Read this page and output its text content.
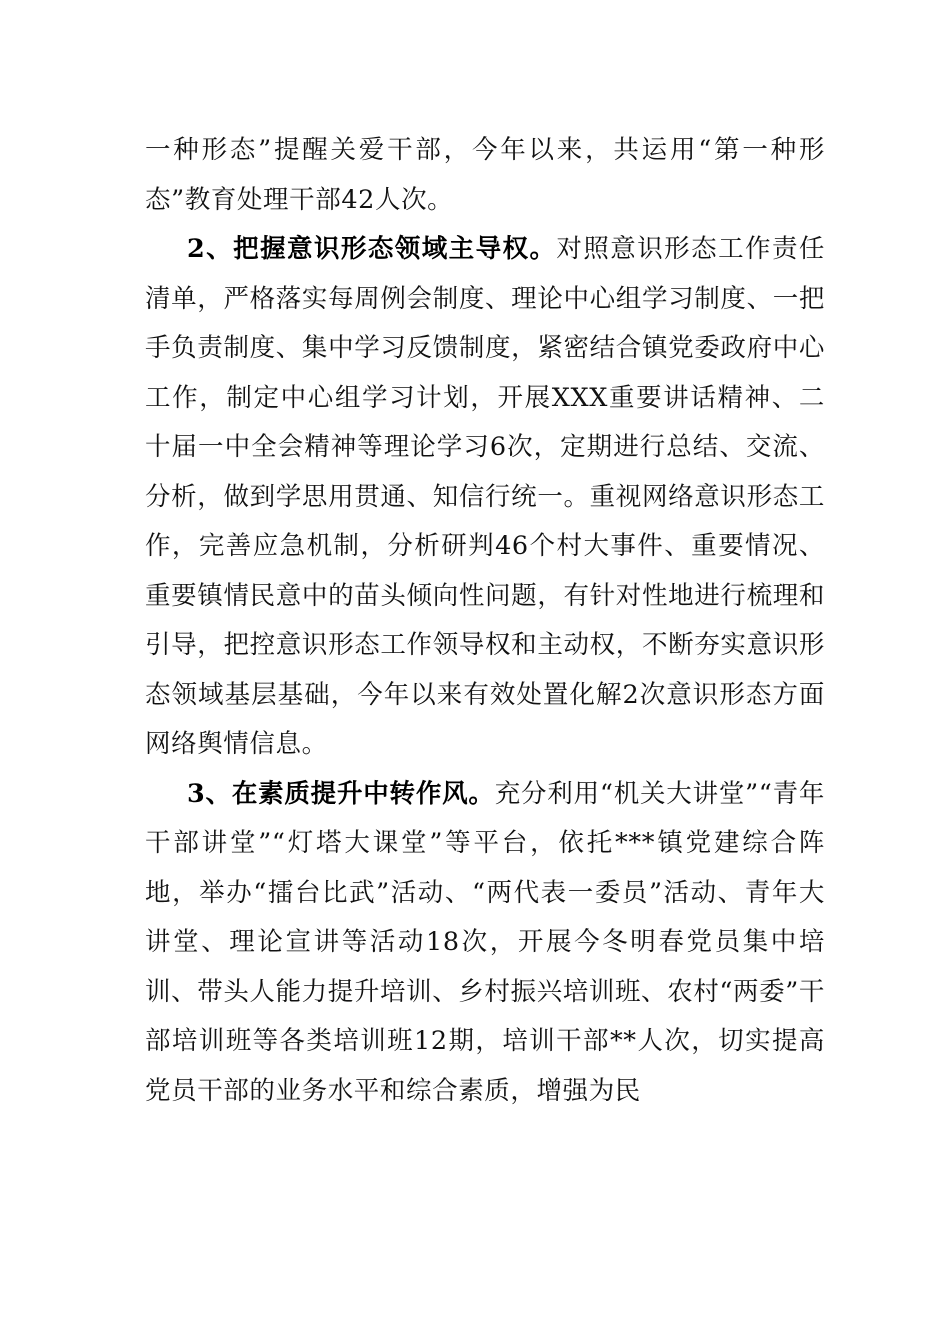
一种形态”提醒关爱干部，今年以来，共运用“第一种形态”教育处理干部42人次。

2、把握意识形态领域主导权。对照意识形态工作责任清单，严格落实每周例会制度、理论中心组学习制度、一把手负责制度、集中学习反馈制度，紧密结合镇党委政府中心工作，制定中心组学习计划，开展XXX重要讲话精神、二十届一中全会精神等理论学习6次，定期进行总结、交流、分析，做到学思用贯通、知信行统一。重视网络意识形态工作，完善应急机制，分析研判46个村大事件、重要情况、重要镇情民意中的苗头倾向性问题，有针对性地进行梳理和引导，把控意识形态工作领导权和主动权，不断夯实意识形态领域基层基础，今年以来有效处置化解2次意识形态方面网络舆情信息。

3、在素质提升中转作风。充分利用“机关大讲堂”“青年干部讲堂”“灯塔大课堂”等平台，依托***镇党建综合阵地，举办“擂台比武”活动、“两代表一委员”活动、青年大讲堂、理论宣讲等活动18次，开展今冬明春党员集中培训、带头人能力提升培训、乡村振兴培训班、农村“两委”干部培训班等各类培训班12期，培训干部**人次，切实提高党员干部的业务水平和综合素质，增强为民
